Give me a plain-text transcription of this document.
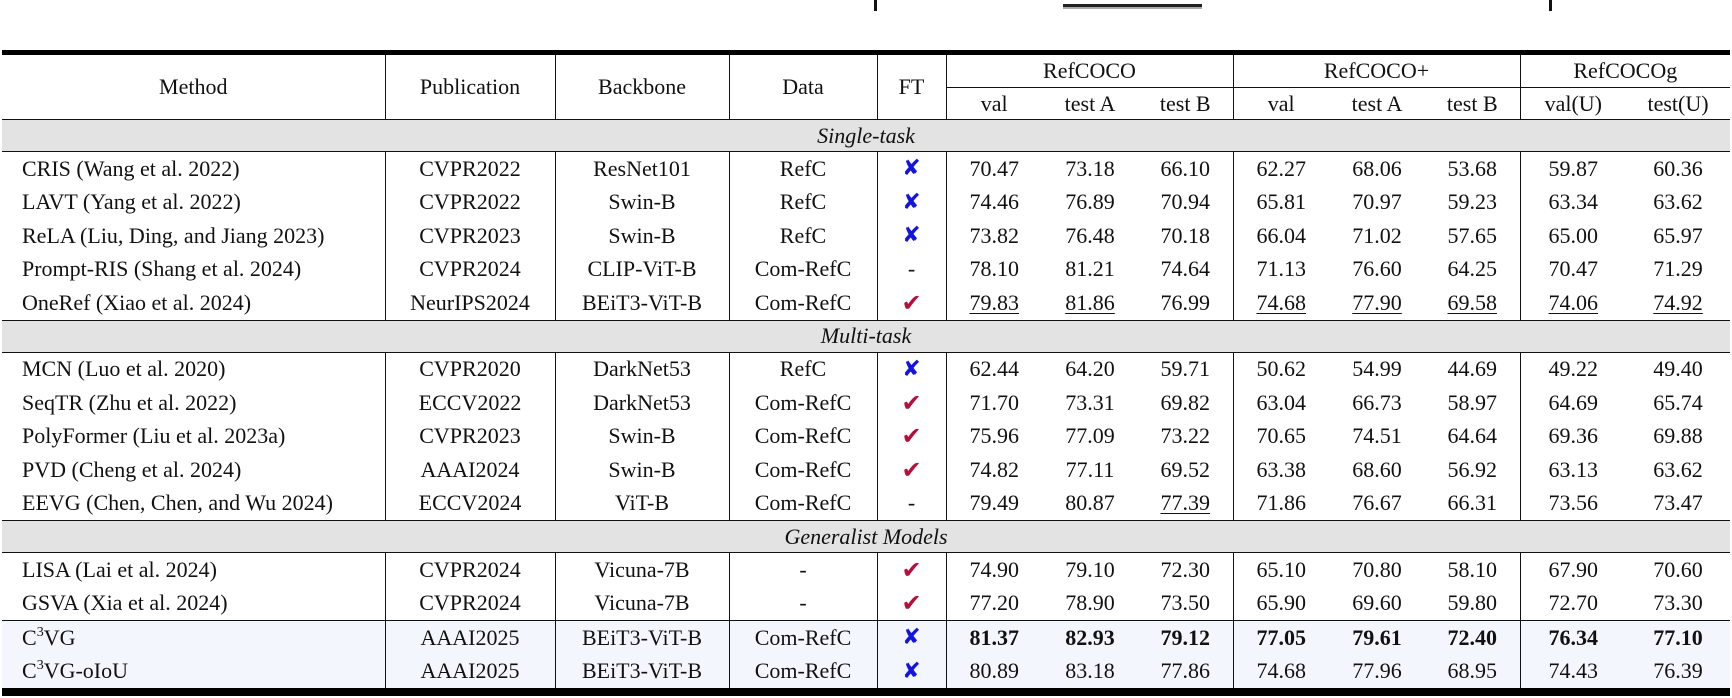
Method	Publication	Backbone	Data	FT	RefCOCO			RefCOCO+			RefCOCOg	
					val	test A	test B	val	test A	test B	val(U)	test(U)
Single-task												
CRIS (Wang et al. 2022)	CVPR2022	ResNet101	RefC	✘	70.47	73.18	66.10	62.27	68.06	53.68	59.87	60.36
LAVT (Yang et al. 2022)	CVPR2022	Swin-B	RefC	✘	74.46	76.89	70.94	65.81	70.97	59.23	63.34	63.62
ReLA (Liu, Ding, and Jiang 2023)	CVPR2023	Swin-B	RefC	✘	73.82	76.48	70.18	66.04	71.02	57.65	65.00	65.97
Prompt-RIS (Shang et al. 2024)	CVPR2024	CLIP-ViT-B	Com-RefC	-	78.10	81.21	74.64	71.13	76.60	64.25	70.47	71.29
OneRef (Xiao et al. 2024)	NeurIPS2024	BEiT3-ViT-B	Com-RefC	✔	79.83	81.86	76.99	74.68	77.90	69.58	74.06	74.92
Multi-task												
MCN (Luo et al. 2020)	CVPR2020	DarkNet53	RefC	✘	62.44	64.20	59.71	50.62	54.99	44.69	49.22	49.40
SeqTR (Zhu et al. 2022)	ECCV2022	DarkNet53	Com-RefC	✔	71.70	73.31	69.82	63.04	66.73	58.97	64.69	65.74
PolyFormer (Liu et al. 2023a)	CVPR2023	Swin-B	Com-RefC	✔	75.96	77.09	73.22	70.65	74.51	64.64	69.36	69.88
PVD (Cheng et al. 2024)	AAAI2024	Swin-B	Com-RefC	✔	74.82	77.11	69.52	63.38	68.60	56.92	63.13	63.62
EEVG (Chen, Chen, and Wu 2024)	ECCV2024	ViT-B	Com-RefC	-	79.49	80.87	77.39	71.86	76.67	66.31	73.56	73.47
Generalist Models												
LISA (Lai et al. 2024)	CVPR2024	Vicuna-7B	-	✔	74.90	79.10	72.30	65.10	70.80	58.10	67.90	70.60
GSVA (Xia et al. 2024)	CVPR2024	Vicuna-7B	-	✔	77.20	78.90	73.50	65.90	69.60	59.80	72.70	73.30
$C^3VG$	AAAI2025	BEiT3-ViT-B	Com-RefC	✘	81.37	82.93	79.12	77.05	79.61	72.40	76.34	77.10
$C^3VG$-oIoU	AAAI2025	BEiT3-ViT-B	Com-RefC	✘	80.89	83.18	77.86	74.68	77.96	68.95	74.43	76.39
